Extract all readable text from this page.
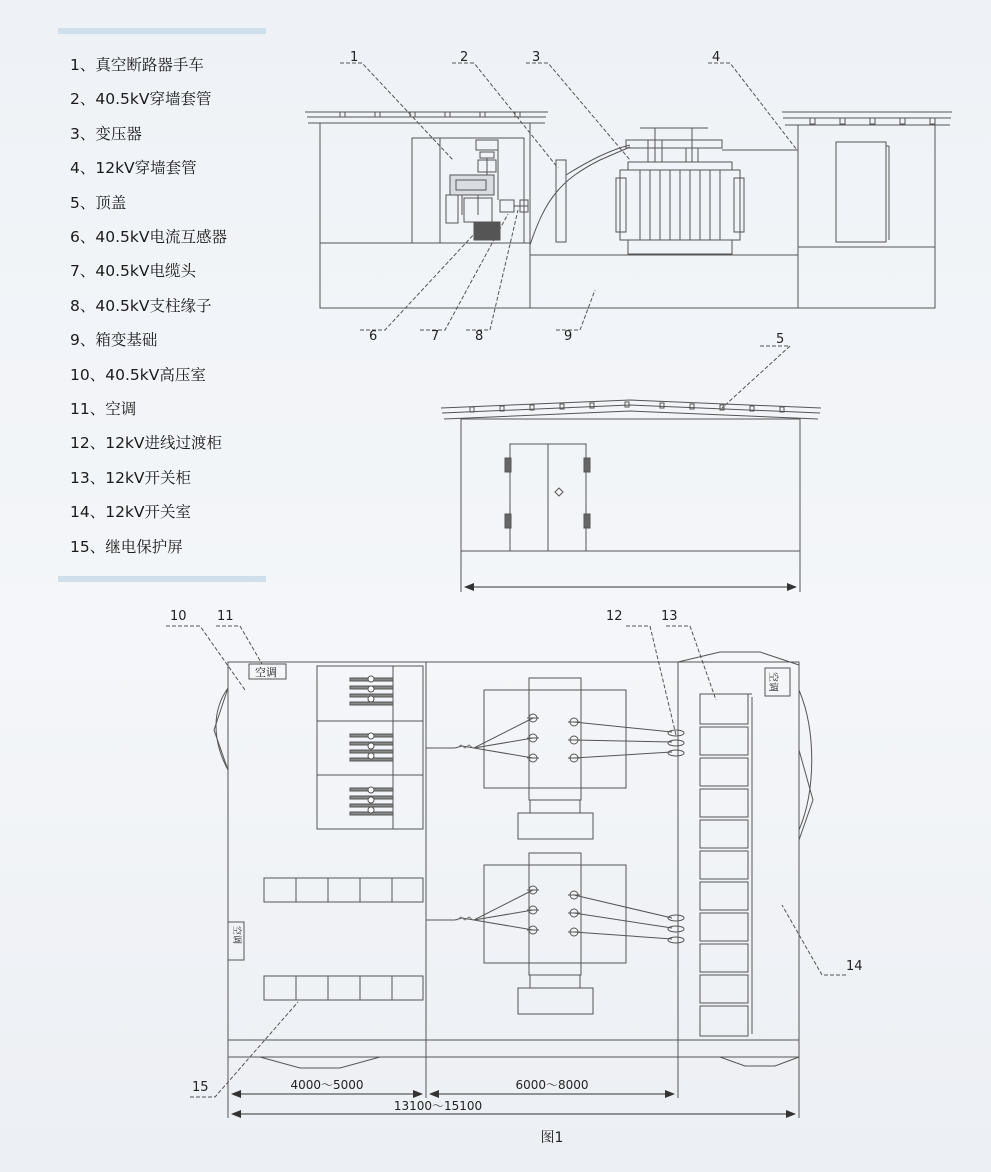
1、真空断路器手车
2、40.5kV穿墙套管
3、变压器
4、12kV穿墙套管
5、顶盖
6、40.5kV电流互感器
7、40.5kV电缆头
8、40.5kV支柱缘子
9、箱变基础
10、40.5kV高压室
11、空调
12、12kV进线过渡柜
13、12kV开关柜
14、12kV开关室
15、继电保护屏
1	2	3	4
6	7	8	9	5
10 11	12	13
14
15
空调
空调
空调
4000～5000	6000～8000
13100～15100
图1
